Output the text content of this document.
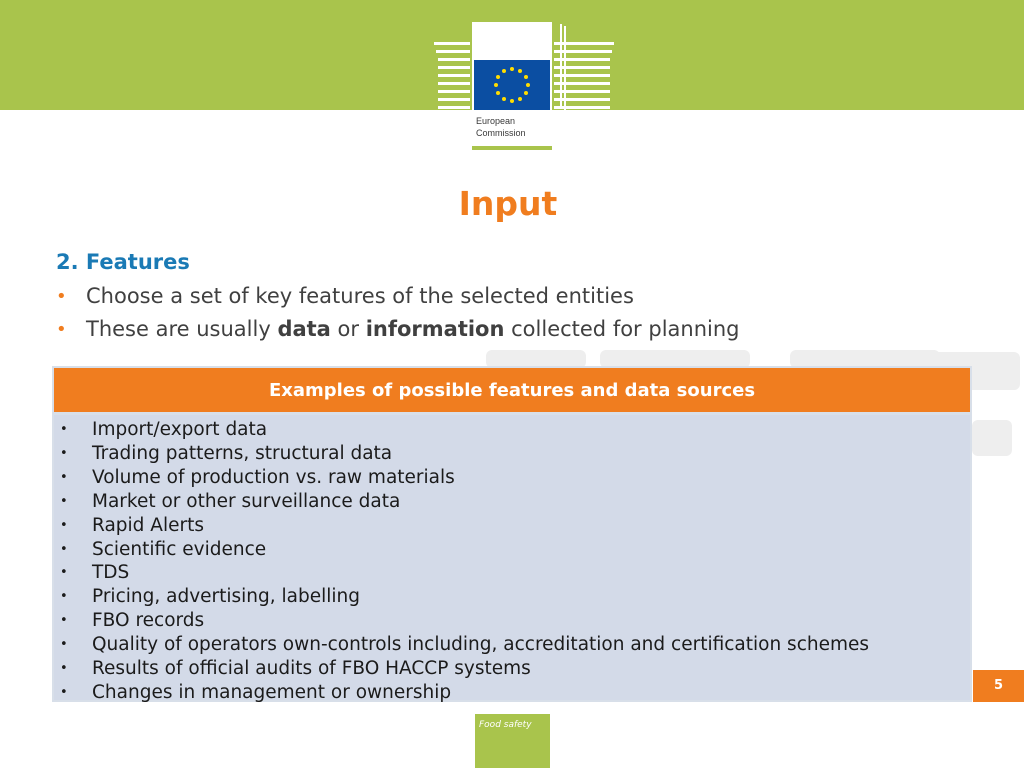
European
Commission
Input
2. Features
• Choose a set of key features of the selected entities
• These are usually data or information collected for planning
Examples of possible features and data sources
• Import/export data
• Trading patterns, structural data
• Volume of production vs. raw materials
• Market or other surveillance data
• Rapid Alerts
• Scientific evidence
• TDS
• Pricing, advertising, labelling
• FBO records
• Quality of operators own-controls including, accreditation and certification schemes
• Results of official audits of FBO HACCP systems
• Changes in management or ownership	5
Food safety
